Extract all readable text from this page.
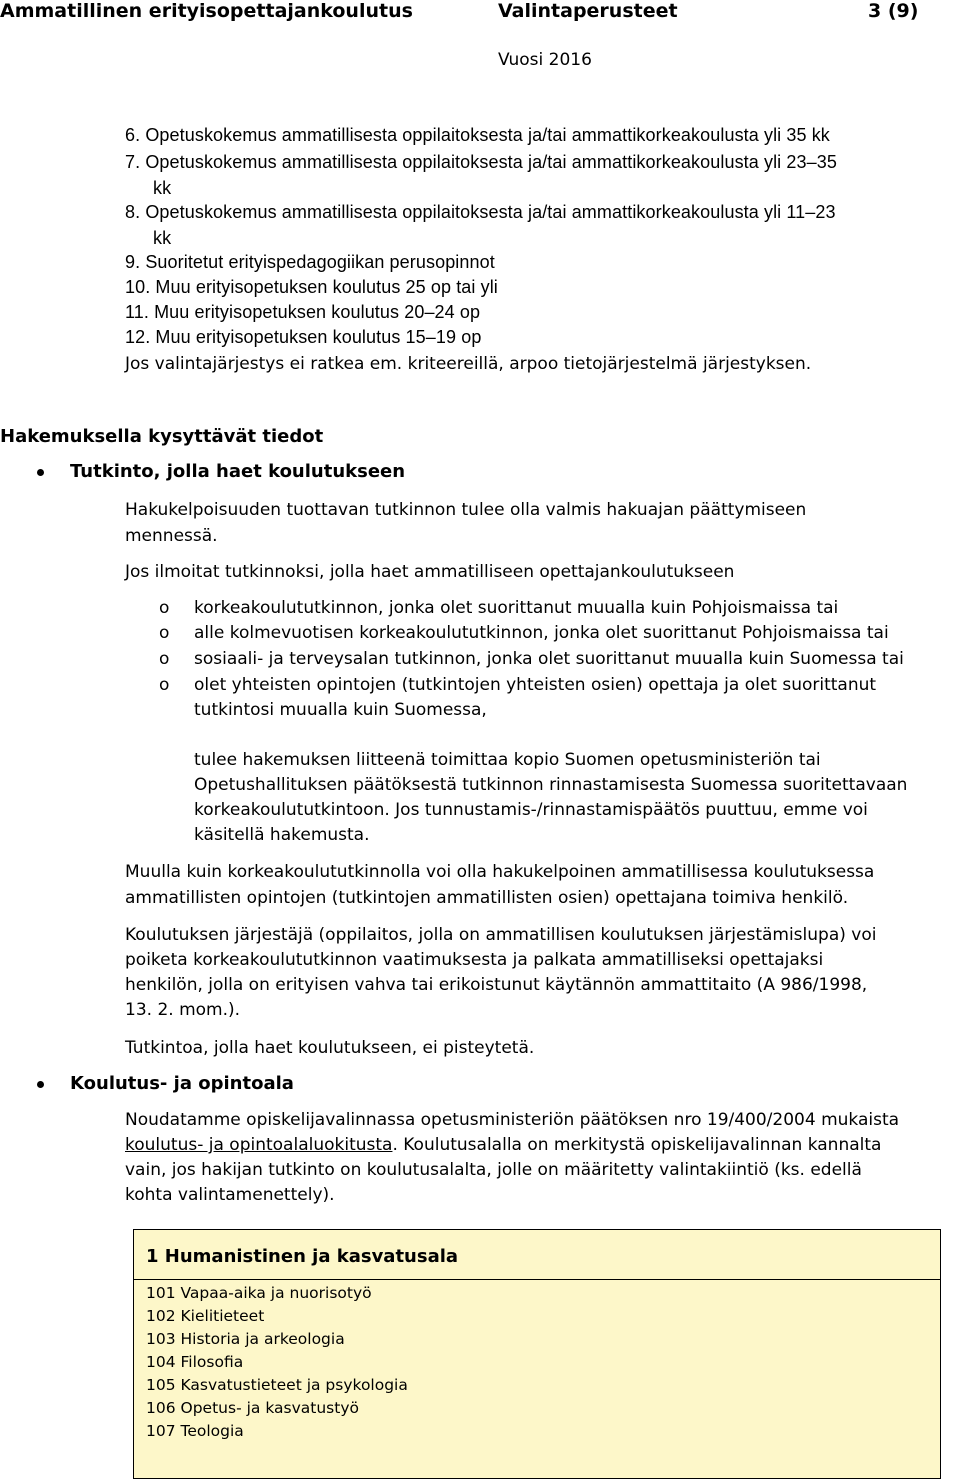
Ammatillinen erityisopettajankoulutus	Valintaperusteet	3 (9)
Vuosi 2016
6. Opetuskokemus ammatillisesta oppilaitoksesta ja/tai ammattikorkeakoulusta yli 35 kk
7. Opetuskokemus ammatillisesta oppilaitoksesta ja/tai ammattikorkeakoulusta yli 23‒35
kk
8. Opetuskokemus ammatillisesta oppilaitoksesta ja/tai ammattikorkeakoulusta yli 11‒23
kk
9. Suoritetut erityispedagogiikan perusopinnot
10. Muu erityisopetuksen koulutus 25 op tai yli
11. Muu erityisopetuksen koulutus 20‒24 op
12. Muu erityisopetuksen koulutus 15‒19 op
Jos valintajärjestys ei ratkea em. kriteereillä, arpoo tietojärjestelmä järjestyksen.
Hakemuksella kysyttävät tiedot
Tutkinto, jolla haet koulutukseen
Hakukelpoisuuden tuottavan tutkinnon tulee olla valmis hakuajan päättymiseen
mennessä.
Jos ilmoitat tutkinnoksi, jolla haet ammatilliseen opettajankoulutukseen
o korkeakoulututkinnon, jonka olet suorittanut muualla kuin Pohjoismaissa tai
o alle kolmevuotisen korkeakoulututkinnon, jonka olet suorittanut Pohjoismaissa tai
o sosiaali- ja terveysalan tutkinnon, jonka olet suorittanut muualla kuin Suomessa tai
o olet yhteisten opintojen (tutkintojen yhteisten osien) opettaja ja olet suorittanut
tutkintosi muualla kuin Suomessa,
tulee hakemuksen liitteenä toimittaa kopio Suomen opetusministeriön tai
Opetushallituksen päätöksestä tutkinnon rinnastamisesta Suomessa suoritettavaan
korkeakoulututkintoon. Jos tunnustamis-/rinnastamispäätös puuttuu, emme voi
käsitellä hakemusta.
Muulla kuin korkeakoulututkinnolla voi olla hakukelpoinen ammatillisessa koulutuksessa
ammatillisten opintojen (tutkintojen ammatillisten osien) opettajana toimiva henkilö.
Koulutuksen järjestäjä (oppilaitos, jolla on ammatillisen koulutuksen järjestämislupa) voi
poiketa korkeakoulututkinnon vaatimuksesta ja palkata ammatilliseksi opettajaksi
henkilön, jolla on erityisen vahva tai erikoistunut käytännön ammattitaito (A 986/1998,
13. 2. mom.).
Tutkintoa, jolla haet koulutukseen, ei pisteytetä.
Koulutus- ja opintoala
Noudatamme opiskelijavalinnassa opetusministeriön päätöksen nro 19/400/2004 mukaista
koulutus- ja opintoalaluokitusta. Koulutusalalla on merkitystä opiskelijavalinnan kannalta
vain, jos hakijan tutkinto on koulutusalalta, jolle on määritetty valintakiintiö (ks. edellä
kohta valintamenettely).
1 Humanistinen ja kasvatusala
101 Vapaa-aika ja nuorisotyö
102 Kielitieteet
103 Historia ja arkeologia
104 Filosofia
105 Kasvatustieteet ja psykologia
106 Opetus- ja kasvatustyö
107 Teologia
